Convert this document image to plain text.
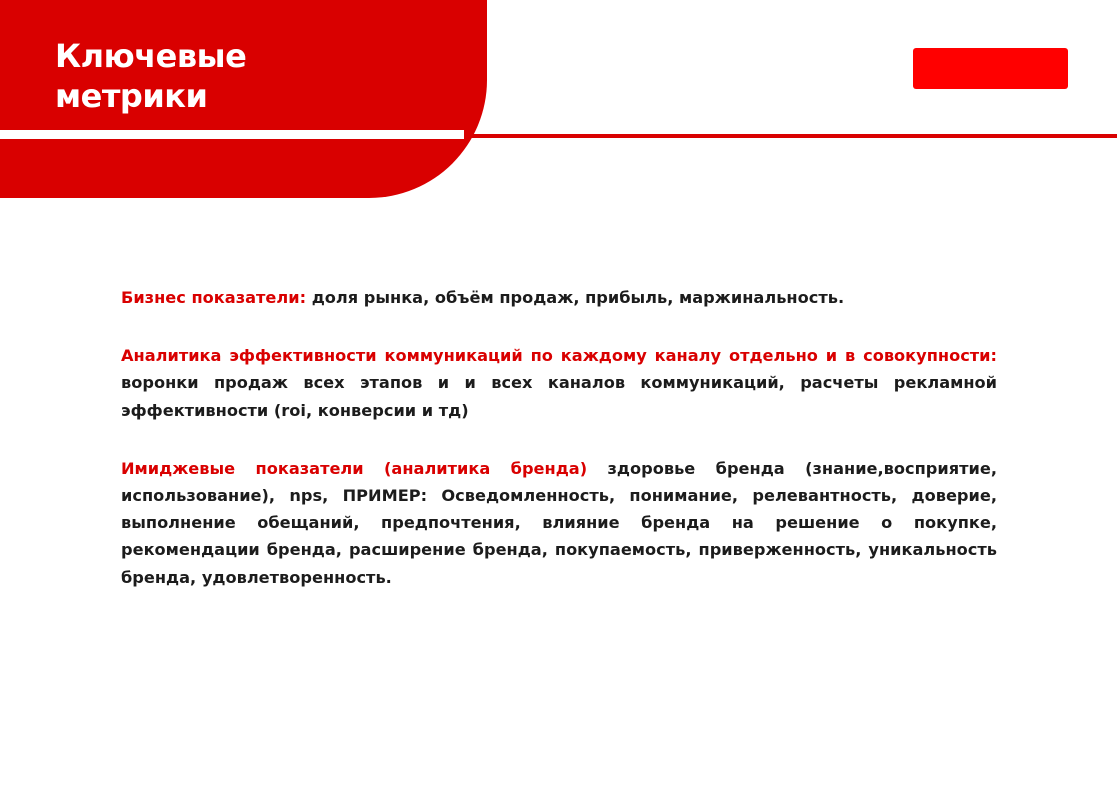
Ключевые
метрики

Бизнес показатели: доля рынка, объём продаж, прибыль, маржинальность.

Аналитика эффективности коммуникаций по каждому каналу отдельно и в совокупности: воронки продаж всех этапов и и всех каналов коммуникаций, расчеты рекламной эффективности (roi, конверсии и тд)

Имиджевые показатели (аналитика бренда) здоровье бренда (знание,восприятие, использование), nps, ПРИМЕР: Осведомленность, понимание, релевантность, доверие, выполнение обещаний, предпочтения, влияние бренда на решение о покупке, рекомендации бренда, расширение бренда, покупаемость, приверженность, уникальность бренда, удовлетворенность.
